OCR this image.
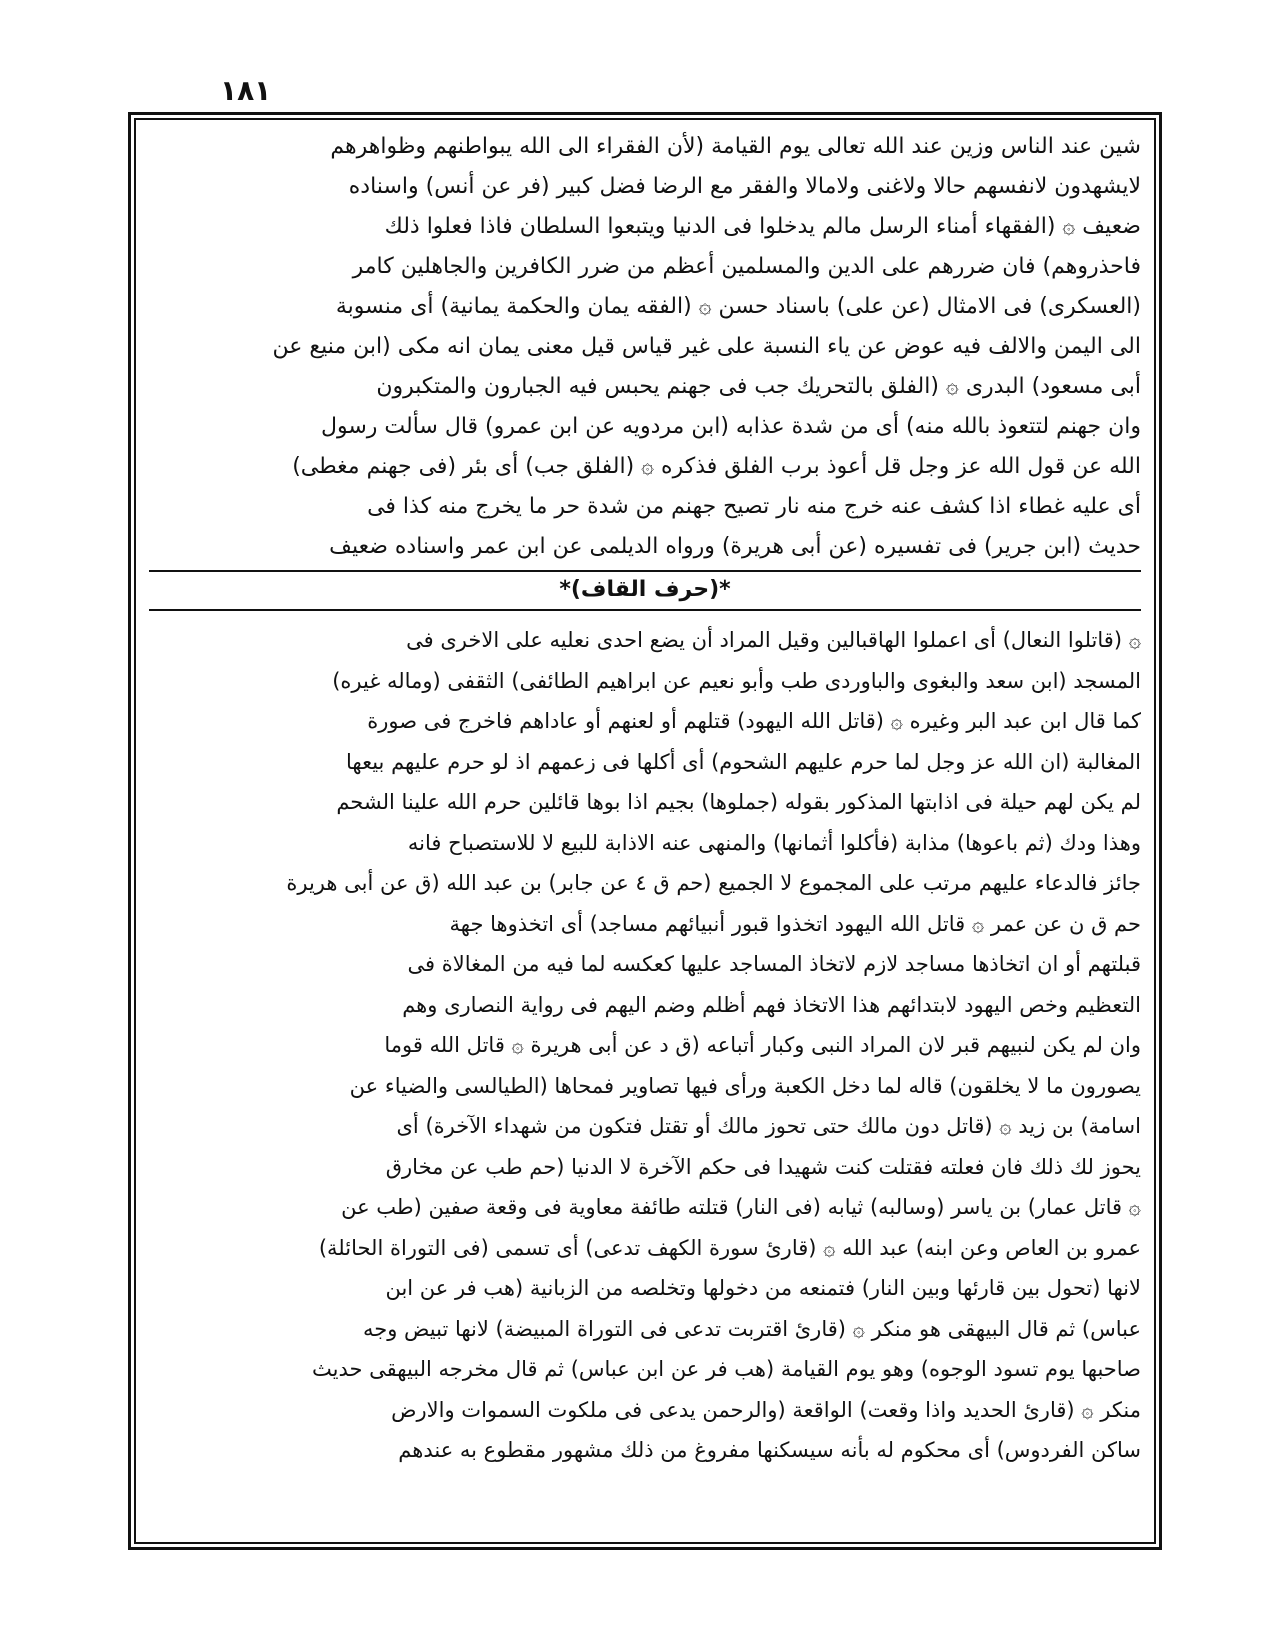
١٨١
شين عند الناس وزين عند الله تعالى يوم القيامة (لأن الفقراء الى الله يبواطنهم وظواهرهم
لايشهدون لانفسهم حالا ولاغنى ولامالا والفقر مع الرضا فضل كبير (فر عن أنس) واسناده
ضعيف ۞ (الفقهاء أمناء الرسل مالم يدخلوا فى الدنيا ويتبعوا السلطان فاذا فعلوا ذلك
فاحذروهم) فان ضررهم على الدين والمسلمين أعظم من ضرر الكافرين والجاهلين كامر
(العسكرى) فى الامثال (عن على) باسناد حسن ۞ (الفقه يمان والحكمة يمانية) أى منسوبة
الى اليمن والالف فيه عوض عن ياء النسبة على غير قياس قيل معنى يمان انه مكى (ابن منيع عن
أبى مسعود) البدرى ۞ (الفلق بالتحريك جب فى جهنم يحبس فيه الجبارون والمتكبرون
وان جهنم لتتعوذ بالله منه) أى من شدة عذابه (ابن مردويه عن ابن عمرو) قال سألت رسول
الله عن قول الله عز وجل قل أعوذ برب الفلق فذكره ۞ (الفلق جب) أى بئر (فى جهنم مغطى)
أى عليه غطاء اذا كشف عنه خرج منه نار تصيح جهنم من شدة حر ما يخرج منه كذا فى
حديث (ابن جرير) فى تفسيره (عن أبى هريرة) ورواه الديلمى عن ابن عمر واسناده ضعيف
*(حرف القاف)*
۞ (قاتلوا النعال) أى اعملوا الهاقبالين وقيل المراد أن يضع احدى نعليه على الاخرى فى
المسجد (ابن سعد والبغوى والباوردى طب وأبو نعيم عن ابراهيم الطائفى) الثقفى (وماله غيره)
كما قال ابن عبد البر وغيره ۞ (قاتل الله اليهود) قتلهم أو لعنهم أو عاداهم فاخرج فى صورة
المغالبة (ان الله عز وجل لما حرم عليهم الشحوم) أى أكلها فى زعمهم اذ لو حرم عليهم بيعها
لم يكن لهم حيلة فى اذابتها المذكور بقوله (جملوها) بجيم اذا بوها قائلين حرم الله علينا الشحم
وهذا ودك (ثم باعوها) مذابة (فأكلوا أثمانها) والمنهى عنه الاذابة للبيع لا للاستصباح فانه
جائز فالدعاء عليهم مرتب على المجموع لا الجميع (حم ق ٤ عن جابر) بن عبد الله (ق عن أبى هريرة
حم ق ن عن عمر ۞ قاتل الله اليهود اتخذوا قبور أنبيائهم مساجد) أى اتخذوها جهة
قبلتهم أو ان اتخاذها مساجد لازم لاتخاذ المساجد عليها كعكسه لما فيه من المغالاة فى
التعظيم وخص اليهود لابتدائهم هذا الاتخاذ فهم أظلم وضم اليهم فى رواية النصارى وهم
وان لم يكن لنبيهم قبر لان المراد النبى وكبار أتباعه (ق د عن أبى هريرة ۞ قاتل الله قوما
يصورون ما لا يخلقون) قاله لما دخل الكعبة ورأى فيها تصاوير فمحاها (الطيالسى والضياء عن
اسامة) بن زيد ۞ (قاتل دون مالك حتى تحوز مالك أو تقتل فتكون من شهداء الآخرة) أى
يحوز لك ذلك فان فعلته فقتلت كنت شهيدا فى حكم الآخرة لا الدنيا (حم طب عن مخارق
۞ قاتل عمار) بن ياسر (وسالبه) ثيابه (فى النار) قتلته طائفة معاوية فى وقعة صفين (طب عن
عمرو بن العاص وعن ابنه) عبد الله ۞ (قارئ سورة الكهف تدعى) أى تسمى (فى التوراة الحائلة)
لانها (تحول بين قارئها وبين النار) فتمنعه من دخولها وتخلصه من الزبانية (هب فر عن ابن
عباس) ثم قال البيهقى هو منكر ۞ (قارئ اقتربت تدعى فى التوراة المبيضة) لانها تبيض وجه
صاحبها يوم تسود الوجوه) وهو يوم القيامة (هب فر عن ابن عباس) ثم قال مخرجه البيهقى حديث
منكر ۞ (قارئ الحديد واذا وقعت) الواقعة (والرحمن يدعى فى ملكوت السموات والارض
ساكن الفردوس) أى محكوم له بأنه سيسكنها مفروغ من ذلك مشهور مقطوع به عندهم
